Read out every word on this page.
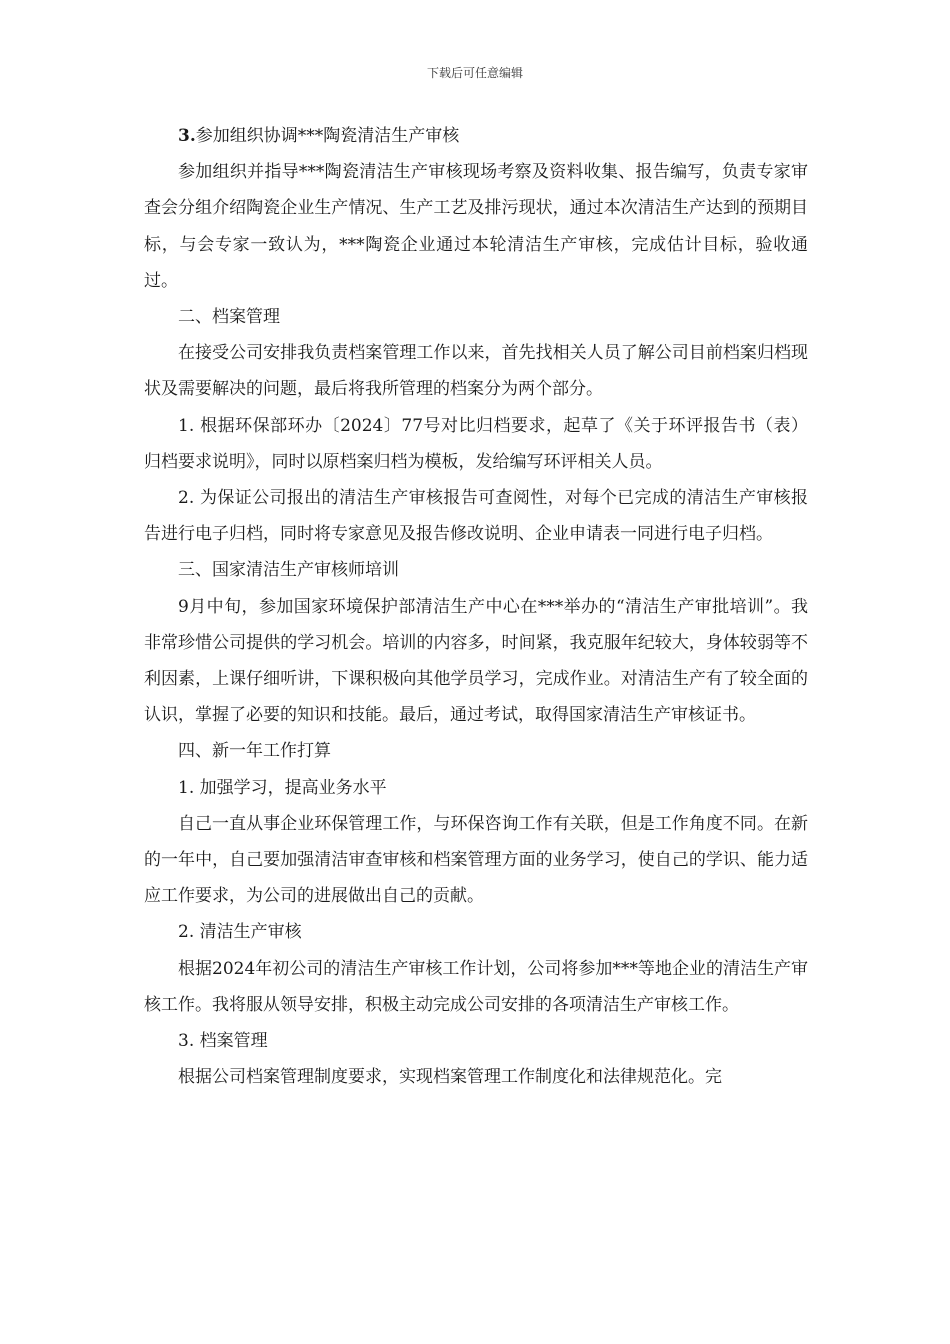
下载后可任意编辑

3.参加组织协调***陶瓷清洁生产审核

参加组织并指导***陶瓷清洁生产审核现场考察及资料收集、报告编写，负责专家审查会分组介绍陶瓷企业生产情况、生产工艺及排污现状，通过本次清洁生产达到的预期目标，与会专家一致认为，***陶瓷企业通过本轮清洁生产审核，完成估计目标，验收通过。

二、档案管理

在接受公司安排我负责档案管理工作以来，首先找相关人员了解公司目前档案归档现状及需要解决的问题，最后将我所管理的档案分为两个部分。

1. 根据环保部环办〔2024〕77号对比归档要求，起草了《关于环评报告书（表）归档要求说明》，同时以原档案归档为模板，发给编写环评相关人员。

2. 为保证公司报出的清洁生产审核报告可查阅性，对每个已完成的清洁生产审核报告进行电子归档，同时将专家意见及报告修改说明、企业申请表一同进行电子归档。

三、国家清洁生产审核师培训

9月中旬，参加国家环境保护部清洁生产中心在***举办的“清洁生产审批培训”。我非常珍惜公司提供的学习机会。培训的内容多，时间紧，我克服年纪较大，身体较弱等不利因素，上课仔细听讲，下课积极向其他学员学习，完成作业。对清洁生产有了较全面的认识，掌握了必要的知识和技能。最后，通过考试，取得国家清洁生产审核证书。

四、新一年工作打算

1. 加强学习，提高业务水平

自己一直从事企业环保管理工作，与环保咨询工作有关联，但是工作角度不同。在新的一年中，自己要加强清洁审查审核和档案管理方面的业务学习，使自己的学识、能力适应工作要求，为公司的进展做出自己的贡献。

2. 清洁生产审核

根据2024年初公司的清洁生产审核工作计划，公司将参加***等地企业的清洁生产审核工作。我将服从领导安排，积极主动完成公司安排的各项清洁生产审核工作。

3. 档案管理

根据公司档案管理制度要求，实现档案管理工作制度化和法律规范化。完
